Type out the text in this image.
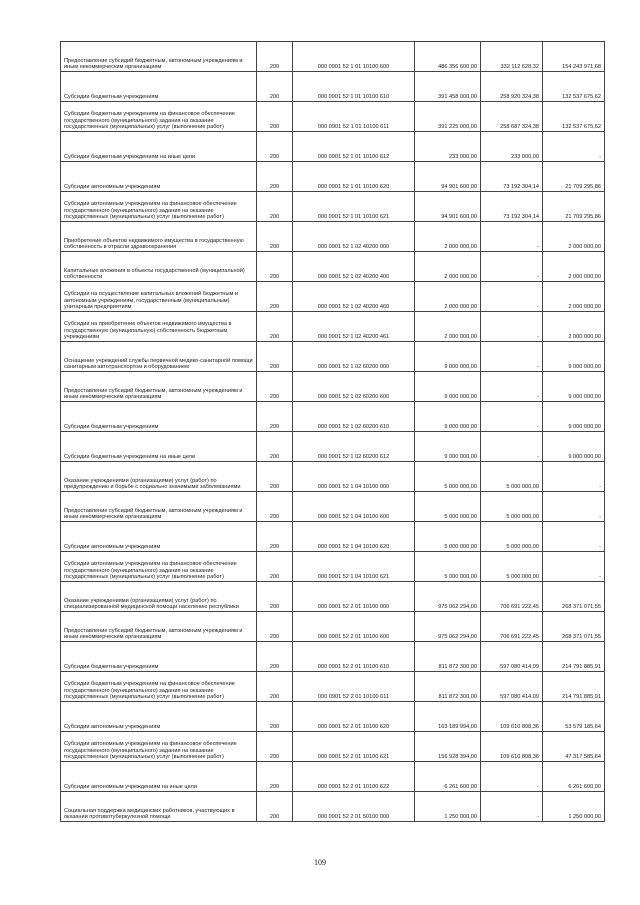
Предоставление субсидий бюджетным, автономным учреждениям и иным некоммерческим организациям	200	000 0901 52 1 01 10100 600	486 356 600,00	332 112 628,32	154 243 971,68
Субсидии бюджетным учреждениям	200	000 0901 52 1 01 10100 610	391 458 000,00	258 920 324,38	132 537 675,62
Субсидии бюджетным учреждениям на финансовое обеспечение государственного (муниципального) задания на оказание государственных (муниципальных) услуг (выполнение работ)	200	000 0901 52 1 01 10100 611	391 225 000,00	258 687 324,38	132 537 675,62
Субсидии бюджетным учреждениям на иные цели	200	000 0901 52 1 01 10100 612	233 000,00	233 000,00	-
Субсидии автономным учреждениям	200	000 0901 52 1 01 10100 620	94 901 600,00	73 192 304,14	21 709 295,86
Субсидии автономным учреждениям на финансовое обеспечение государственного (муниципального) задания на оказание государственных (муниципальных) услуг (выполнение работ)	200	000 0901 52 1 01 10100 621	94 901 600,00	73 192 304,14	21 709 295,86
Приобретение объектов недвижимого имущества в государственную собственность в отрасли здравоохранения	200	000 0901 52 1 02 40200 000	2 000 000,00	-	2 000 000,00
Капитальные вложения в объекты государственной (муниципальной) собственности	200	000 0901 52 1 02 40200 400	2 000 000,00	-	2 000 000,00
Субсидии на осуществление капитальных вложений бюджетным и автономным учреждениям, государственным (муниципальным) унитарным предприятиям	200	000 0901 52 1 02 40200 460	2 000 000,00	-	2 000 000,00
Субсидии на приобретение объектов недвижимого имущества в государственную (муниципальную) собственность бюджетным учреждениям	200	000 0901 52 1 02 40200 461	2 000 000,00	-	2 000 000,00
Оснащение учреждений службы первичной медико-санитарной помощи санитарным автотранспортом и оборудованием	200	000 0901 52 1 02 60200 000	9 000 000,00	-	9 000 000,00
Предоставление субсидий бюджетным, автономным учреждениям и иным некоммерческим организациям	200	000 0901 52 1 02 60200 600	9 000 000,00	-	9 000 000,00
Субсидии бюджетным учреждениям	200	000 0901 52 1 02 60200 610	9 000 000,00	-	9 000 000,00
Субсидии бюджетным учреждениям на иные цели	200	000 0901 52 1 02 60200 612	9 000 000,00	-	9 000 000,00
Оказание учреждениями (организациями) услуг (работ) по предупреждению и борьбе с социально значимыми заболеваниями	200	000 0901 52 1 04 10100 000	5 000 000,00	5 000 000,00	-
Предоставление субсидий бюджетным, автономным учреждениям и иным некоммерческим организациям	200	000 0901 52 1 04 10100 600	5 000 000,00	5 000 000,00	-
Субсидии автономным учреждениям	200	000 0901 52 1 04 10100 620	5 000 000,00	5 000 000,00	-
Субсидии автономным учреждениям на финансовое обеспечение государственного (муниципального) задания на оказание государственных (муниципальных) услуг (выполнение работ)	200	000 0901 52 1 04 10100 621	5 000 000,00	5 000 000,00	-
Оказание учреждениями (организациями) услуг (работ) по специализированной медицинской помощи населению республики	200	000 0901 52 2 01 10100 000	975 062 294,00	706 691 222,45	268 371 071,55
Предоставление субсидий бюджетным, автономным учреждениям и иным некоммерческим организациям	200	000 0901 52 2 01 10100 600	975 062 294,00	706 691 222,45	268 371 071,55
Субсидии бюджетным учреждениям	200	000 0901 52 2 01 10100 610	811 872 300,00	597 080 414,09	214 791 885,91
Субсидии бюджетным учреждениям на финансовое обеспечение государственного (муниципального) задания на оказание государственных (муниципальных) услуг (выполнение работ)	200	000 0901 52 2 01 10100 611	811 872 300,00	597 080 414,09	214 791 885,91
Субсидии автономным учреждениям	200	000 0901 52 2 01 10100 620	163 189 994,00	109 610 808,36	53 579 185,64
Субсидии автономным учреждениям на финансовое обеспечение государственного (муниципального) задания на оказание государственных (муниципальных) услуг (выполнение работ)	200	000 0901 52 2 01 10100 621	156 928 394,00	109 610 808,36	47 317 585,64
Субсидии автономным учреждениям на иные цели	200	000 0901 52 2 01 10100 622	6 261 600,00	-	6 261 600,00
Социальная поддержка медицинских работников, участвующих в оказании противотуберкулезной помощи	200	000 0901 52 2 01 50100 000	1 250 000,00	-	1 250 000,00
109
